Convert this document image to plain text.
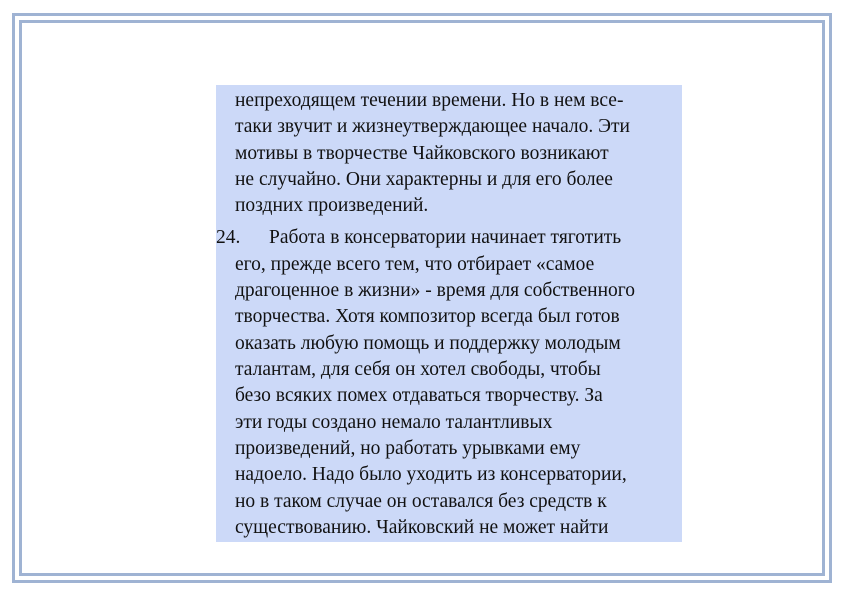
непреходящем течении времени. Но в нем все-
таки звучит и жизнеутверждающее начало. Эти
мотивы в творчестве Чайковского возникают
не случайно. Они характерны и для его более
поздних произведений.
24. Работа в консерватории начинает тяготить
его, прежде всего тем, что отбирает «самое
драгоценное в жизни» - время для собственного
творчества. Хотя композитор всегда был готов
оказать любую помощь и поддержку молодым
талантам, для себя он хотел свободы, чтобы
безо всяких помех отдаваться творчеству. За
эти годы создано немало талантливых
произведений, но работать урывками ему
надоело. Надо было уходить из консерватории,
но в таком случае он оставался без средств к
существованию. Чайковский не может найти
